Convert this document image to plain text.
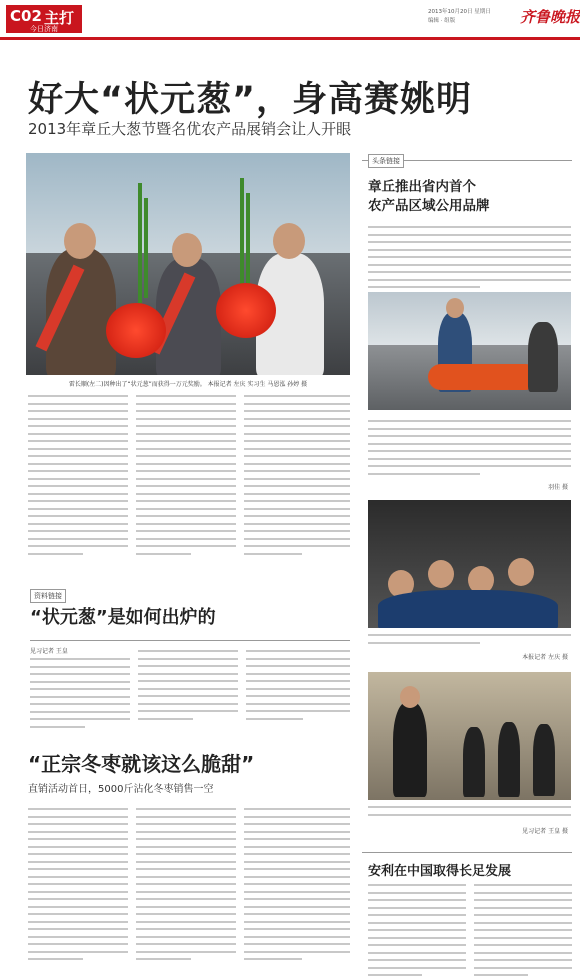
C02 主打
今日济南
2013年10月20日 星期日
编辑 · 组版	齐鲁晚报
好大“状元葱”，身高赛姚明
2013年章丘大葱节暨名优农产品展销会让人开眼
雷长顺(左二)因种出了“状元葱”而获得一万元奖励。 本报记者 左庆 实习生 马恩泓 孙婷 摄
头条链接
章丘推出省内首个
农产品区域公用品牌
羽佳 摄
本报记者 左庆 摄
见习记者 王皇 摄
资料链接
“状元葱”是如何出炉的
见习记者 王皇
“正宗冬枣就该这么脆甜”
直销活动首日，5000斤沾化冬枣销售一空
安利在中国取得长足发展
